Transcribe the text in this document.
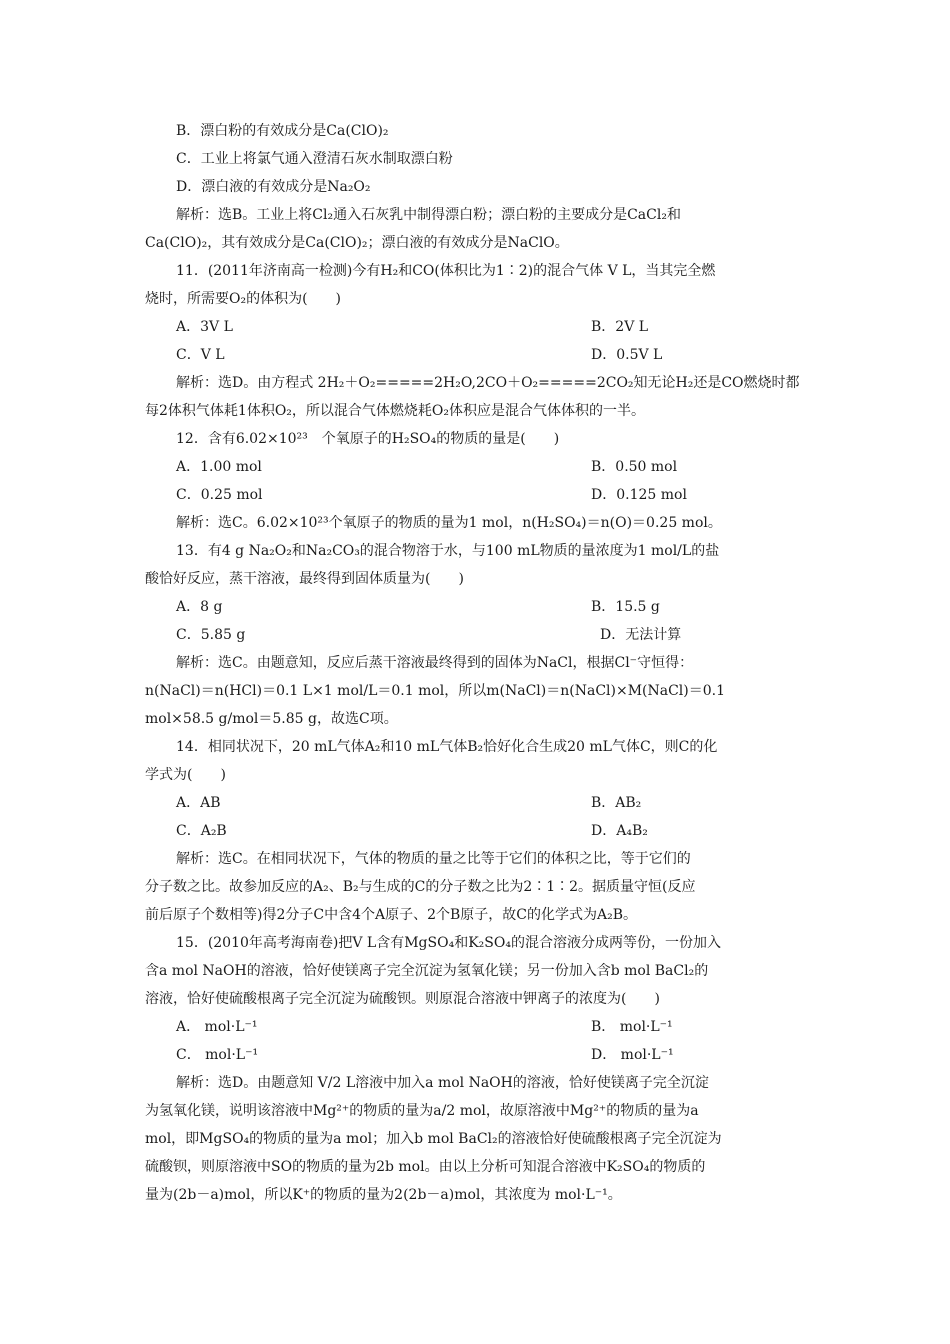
B．漂白粉的有效成分是Ca(ClO)₂
C．工业上将氯气通入澄清石灰水制取漂白粉
D．漂白液的有效成分是Na₂O₂
解析：选B。工业上将Cl₂通入石灰乳中制得漂白粉；漂白粉的主要成分是CaCl₂和
Ca(ClO)₂，其有效成分是Ca(ClO)₂；漂白液的有效成分是NaClO。
11．(2011年济南高一检测)今有H₂和CO(体积比为1∶2)的混合气体 V L，当其完全燃
烧时，所需要O₂的体积为(　　)
A．3V L	B．2V L
C．V L	D．0.5V L
解析：选D。由方程式 2H₂＋O₂=====2H₂O,2CO＋O₂=====2CO₂知无论H₂还是CO燃烧时都
每2体积气体耗1体积O₂，所以混合气体燃烧耗O₂体积应是混合气体体积的一半。
12．含有6.02×10²³　个氧原子的H₂SO₄的物质的量是(　　)
A．1.00 mol	B．0.50 mol
C．0.25 mol	D．0.125 mol
解析：选C。6.02×10²³个氧原子的物质的量为1 mol，n(H₂SO₄)＝n(O)＝0.25 mol。
13．有4 g Na₂O₂和Na₂CO₃的混合物溶于水，与100 mL物质的量浓度为1 mol/L的盐
酸恰好反应，蒸干溶液，最终得到固体质量为(　　)
A．8 g	B．15.5 g
C．5.85 g	D．无法计算
解析：选C。由题意知，反应后蒸干溶液最终得到的固体为NaCl，根据Cl⁻守恒得：
n(NaCl)＝n(HCl)＝0.1 L×1 mol/L＝0.1 mol，所以m(NaCl)＝n(NaCl)×M(NaCl)＝0.1
mol×58.5 g/mol＝5.85 g，故选C项。
14．相同状况下，20 mL气体A₂和10 mL气体B₂恰好化合生成20 mL气体C，则C的化
学式为(　　)
A．AB	B．AB₂
C．A₂B	D．A₄B₂
解析：选C。在相同状况下，气体的物质的量之比等于它们的体积之比，等于它们的
分子数之比。故参加反应的A₂、B₂与生成的C的分子数之比为2∶1∶2。据质量守恒(反应
前后原子个数相等)得2分子C中含4个A原子、2个B原子，故C的化学式为A₂B。
15．(2010年高考海南卷)把V L含有MgSO₄和K₂SO₄的混合溶液分成两等份，一份加入
含a mol NaOH的溶液，恰好使镁离子完全沉淀为氢氧化镁；另一份加入含b mol BaCl₂的
溶液，恰好使硫酸根离子完全沉淀为硫酸钡。则原混合溶液中钾离子的浓度为(　　)
A． mol·L⁻¹	B． mol·L⁻¹
C． mol·L⁻¹	D． mol·L⁻¹
解析：选D。由题意知 V/2 L溶液中加入a mol NaOH的溶液，恰好使镁离子完全沉淀
为氢氧化镁，说明该溶液中Mg²⁺的物质的量为a/2 mol，故原溶液中Mg²⁺的物质的量为a
mol，即MgSO₄的物质的量为a mol；加入b mol BaCl₂的溶液恰好使硫酸根离子完全沉淀为
硫酸钡，则原溶液中SO的物质的量为2b mol。由以上分析可知混合溶液中K₂SO₄的物质的
量为(2b－a)mol，所以K⁺的物质的量为2(2b－a)mol，其浓度为 mol·L⁻¹。
